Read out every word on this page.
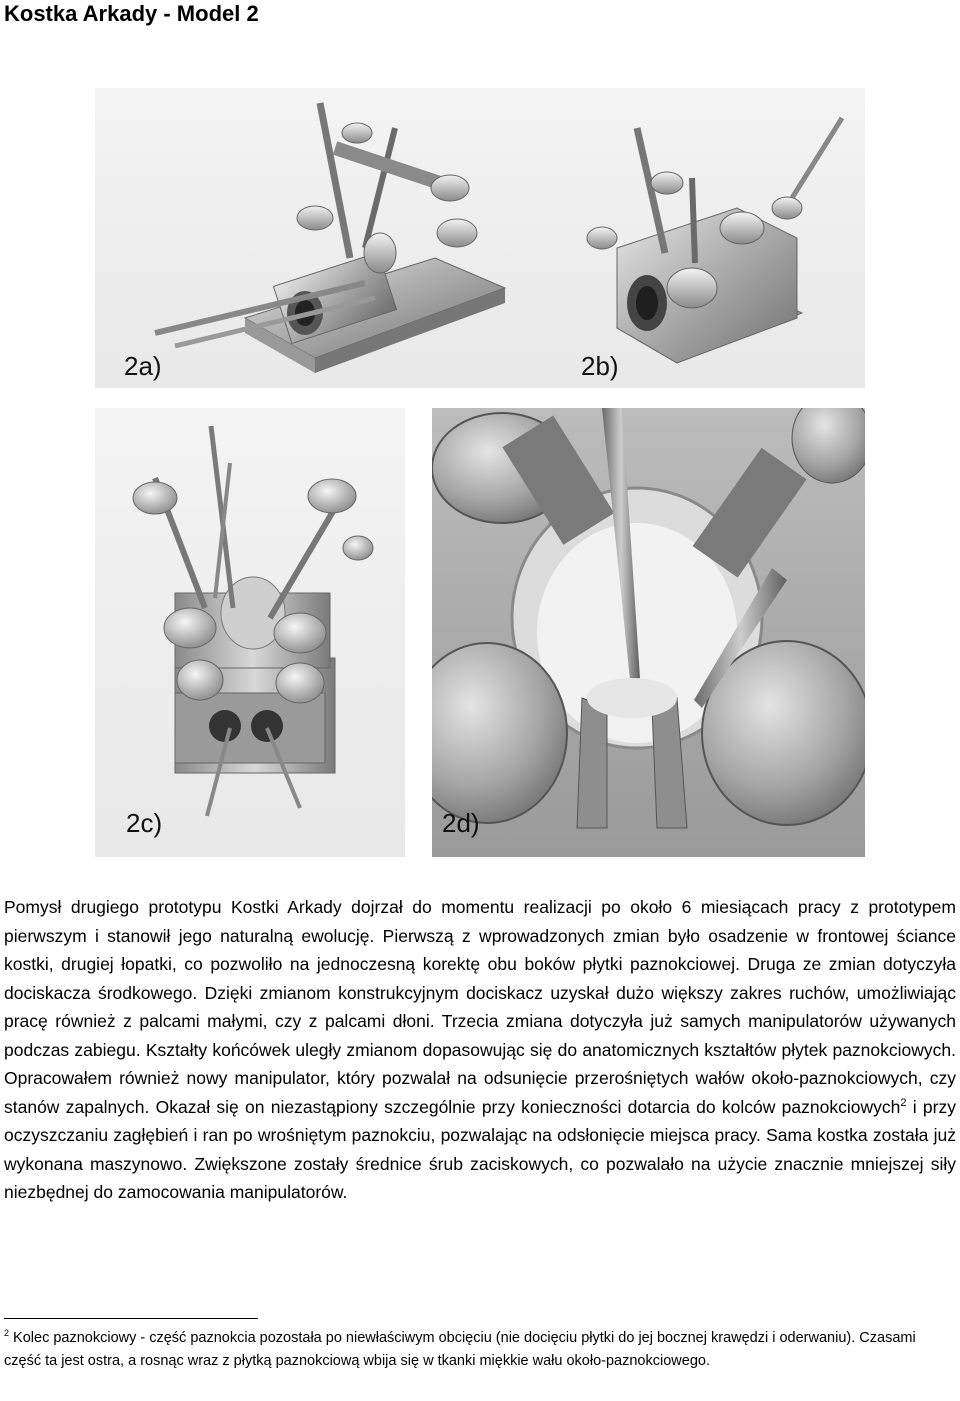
Kostka Arkady - Model 2
2a)	2b)
2c)	2d)

Pomysł drugiego prototypu Kostki Arkady dojrzał do momentu realizacji po około 6 miesiącach pracy z prototypem pierwszym i stanowił jego naturalną ewolucję. Pierwszą z wprowadzonych zmian było osadzenie w frontowej ściance kostki, drugiej łopatki, co pozwoliło na jednoczesną korektę obu boków płytki paznokciowej. Druga ze zmian dotyczyła dociskacza środkowego. Dzięki zmianom konstrukcyjnym dociskacz uzyskał dużo większy zakres ruchów, umożliwiając pracę również z palcami małymi, czy z palcami dłoni. Trzecia zmiana dotyczyła już samych manipulatorów używanych podczas zabiegu. Kształty końcówek uległy zmianom dopasowując się do anatomicznych kształtów płytek paznokciowych. Opracowałem również nowy manipulator, który pozwalał na odsunięcie przerośniętych wałów około-paznokciowych, czy stanów zapalnych. Okazał się on niezastąpiony szczególnie przy konieczności dotarcia do kolców paznokciowych$^2$ i przy oczyszczaniu zagłębień i ran po wrośniętym paznokciu, pozwalając na odsłonięcie miejsca pracy. Sama kostka została już wykonana maszynowo. Zwiększone zostały średnice śrub zaciskowych, co pozwalało na użycie znacznie mniejszej siły niezbędnej do zamocowania manipulatorów.

$^2$ Kolec paznokciowy - część paznokcia pozostała po niewłaściwym obcięciu (nie docięciu płytki do jej bocznej krawędzi i oderwaniu). Czasami część ta jest ostra, a rosnąc wraz z płytką paznokciową wbija się w tkanki miękkie wału około-paznokciowego.
